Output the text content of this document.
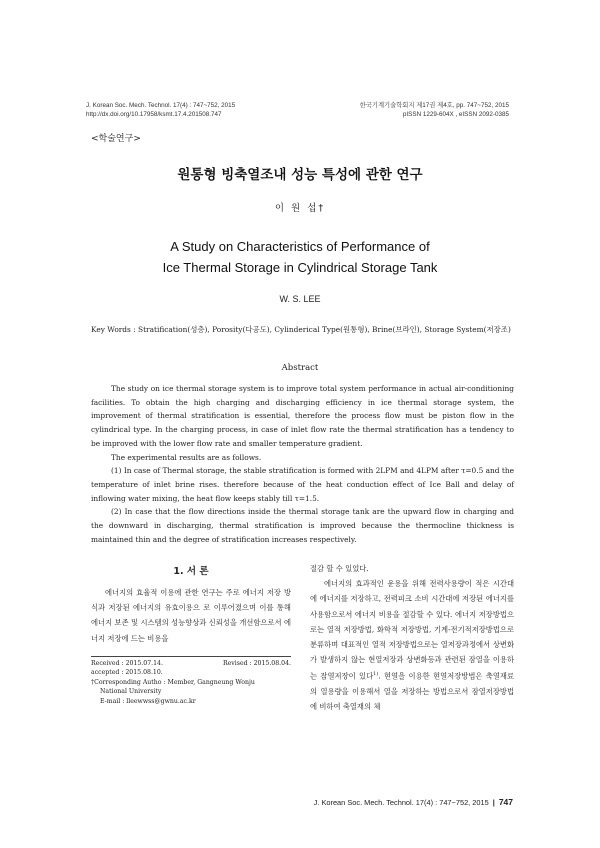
J. Korean Soc. Mech. Technol. 17(4) : 747~752, 2015
http://dx.doi.org/10.17958/ksmt.17.4.201508.747
한국기계기술학회지 제17권 제4호, pp. 747~752, 2015
pISSN 1229-604X , eISSN 2092-0385
<학술연구>
원통형 빙축열조내 성능 특성에 관한 연구
이 원 섭†
A Study on Characteristics of Performance of
Ice Thermal Storage in Cylindrical Storage Tank
W. S. LEE
Key Words : Stratification(성층), Porosity(다공도), Cylinderical Type(원통형), Brine(브라인), Storage System(저장조)
Abstract

The study on ice thermal storage system is to improve total system performance in actual air-conditioning facilities. To obtain the high charging and discharging efficiency in ice thermal storage system, the improvement of thermal stratification is essential, therefore the process flow must be piston flow in the cylindrical type. In the charging process, in case of inlet flow rate the thermal stratification has a tendency to be improved with the lower flow rate and smaller temperature gradient.

The experimental results are as follows.

(1) In case of Thermal storage, the stable stratification is formed with 2LPM and 4LPM after τ=0.5 and the temperature of inlet brine rises. therefore because of the heat conduction effect of Ice Ball and delay of inflowing water mixing, the heat flow keeps stably till τ=1.5.

(2) In case that the flow directions inside the thermal storage tank are the upward flow in charging and the downward in discharging, thermal stratification is improved because the thermocline thickness is maintained thin and the degree of stratification increases respectively.

1. 서 론

에너지의 효율적 이용에 관한 연구는 주로 에너지 저장 방식과 저장된 에너지의 유효이용으 로 이루어졌으며 이를 통해 에너지 보존 및 시스템의 성능향상과 신뢰성을 개선함으로서 에너지 저장에 드는 비용을

Received : 2015.07.14.	Revised : 2015.08.04.
accepted : 2015.08.10.
†Corresponding Autho : Member, Gangneung Wonju
National University
E-mail : lleewwss@gwnu.ac.kr

절감 할 수 있었다.

에너지의 효과적인 운용을 위해 전력사용량이 적은 시간대에 에너지를 저장하고, 전력피크 소비 시간대에 저장된 에너지를 사용함으로서 에너지 비용을 절감할 수 있다. 에너지 저장방법으로는 열적 저장방법, 화학적 저장방법, 기계-전기적저장방법으로 분류하며 대표적인 열적 저장방법으로는 열저장과정에서 상변화가 발생하지 않는 현열저장과 상변화등과 관련된 잠열을 이용하는 잠열저장이 있다$^{1)}$. 현열을 이용한 현열저장방법은 축열재료의 열용량을 이용해서 열을 저장하는 방법으로서 잠열저장방법에 비하여 축열재의 체

J. Korean Soc. Mech. Technol. 17(4) : 747~752, 2015 | 747
